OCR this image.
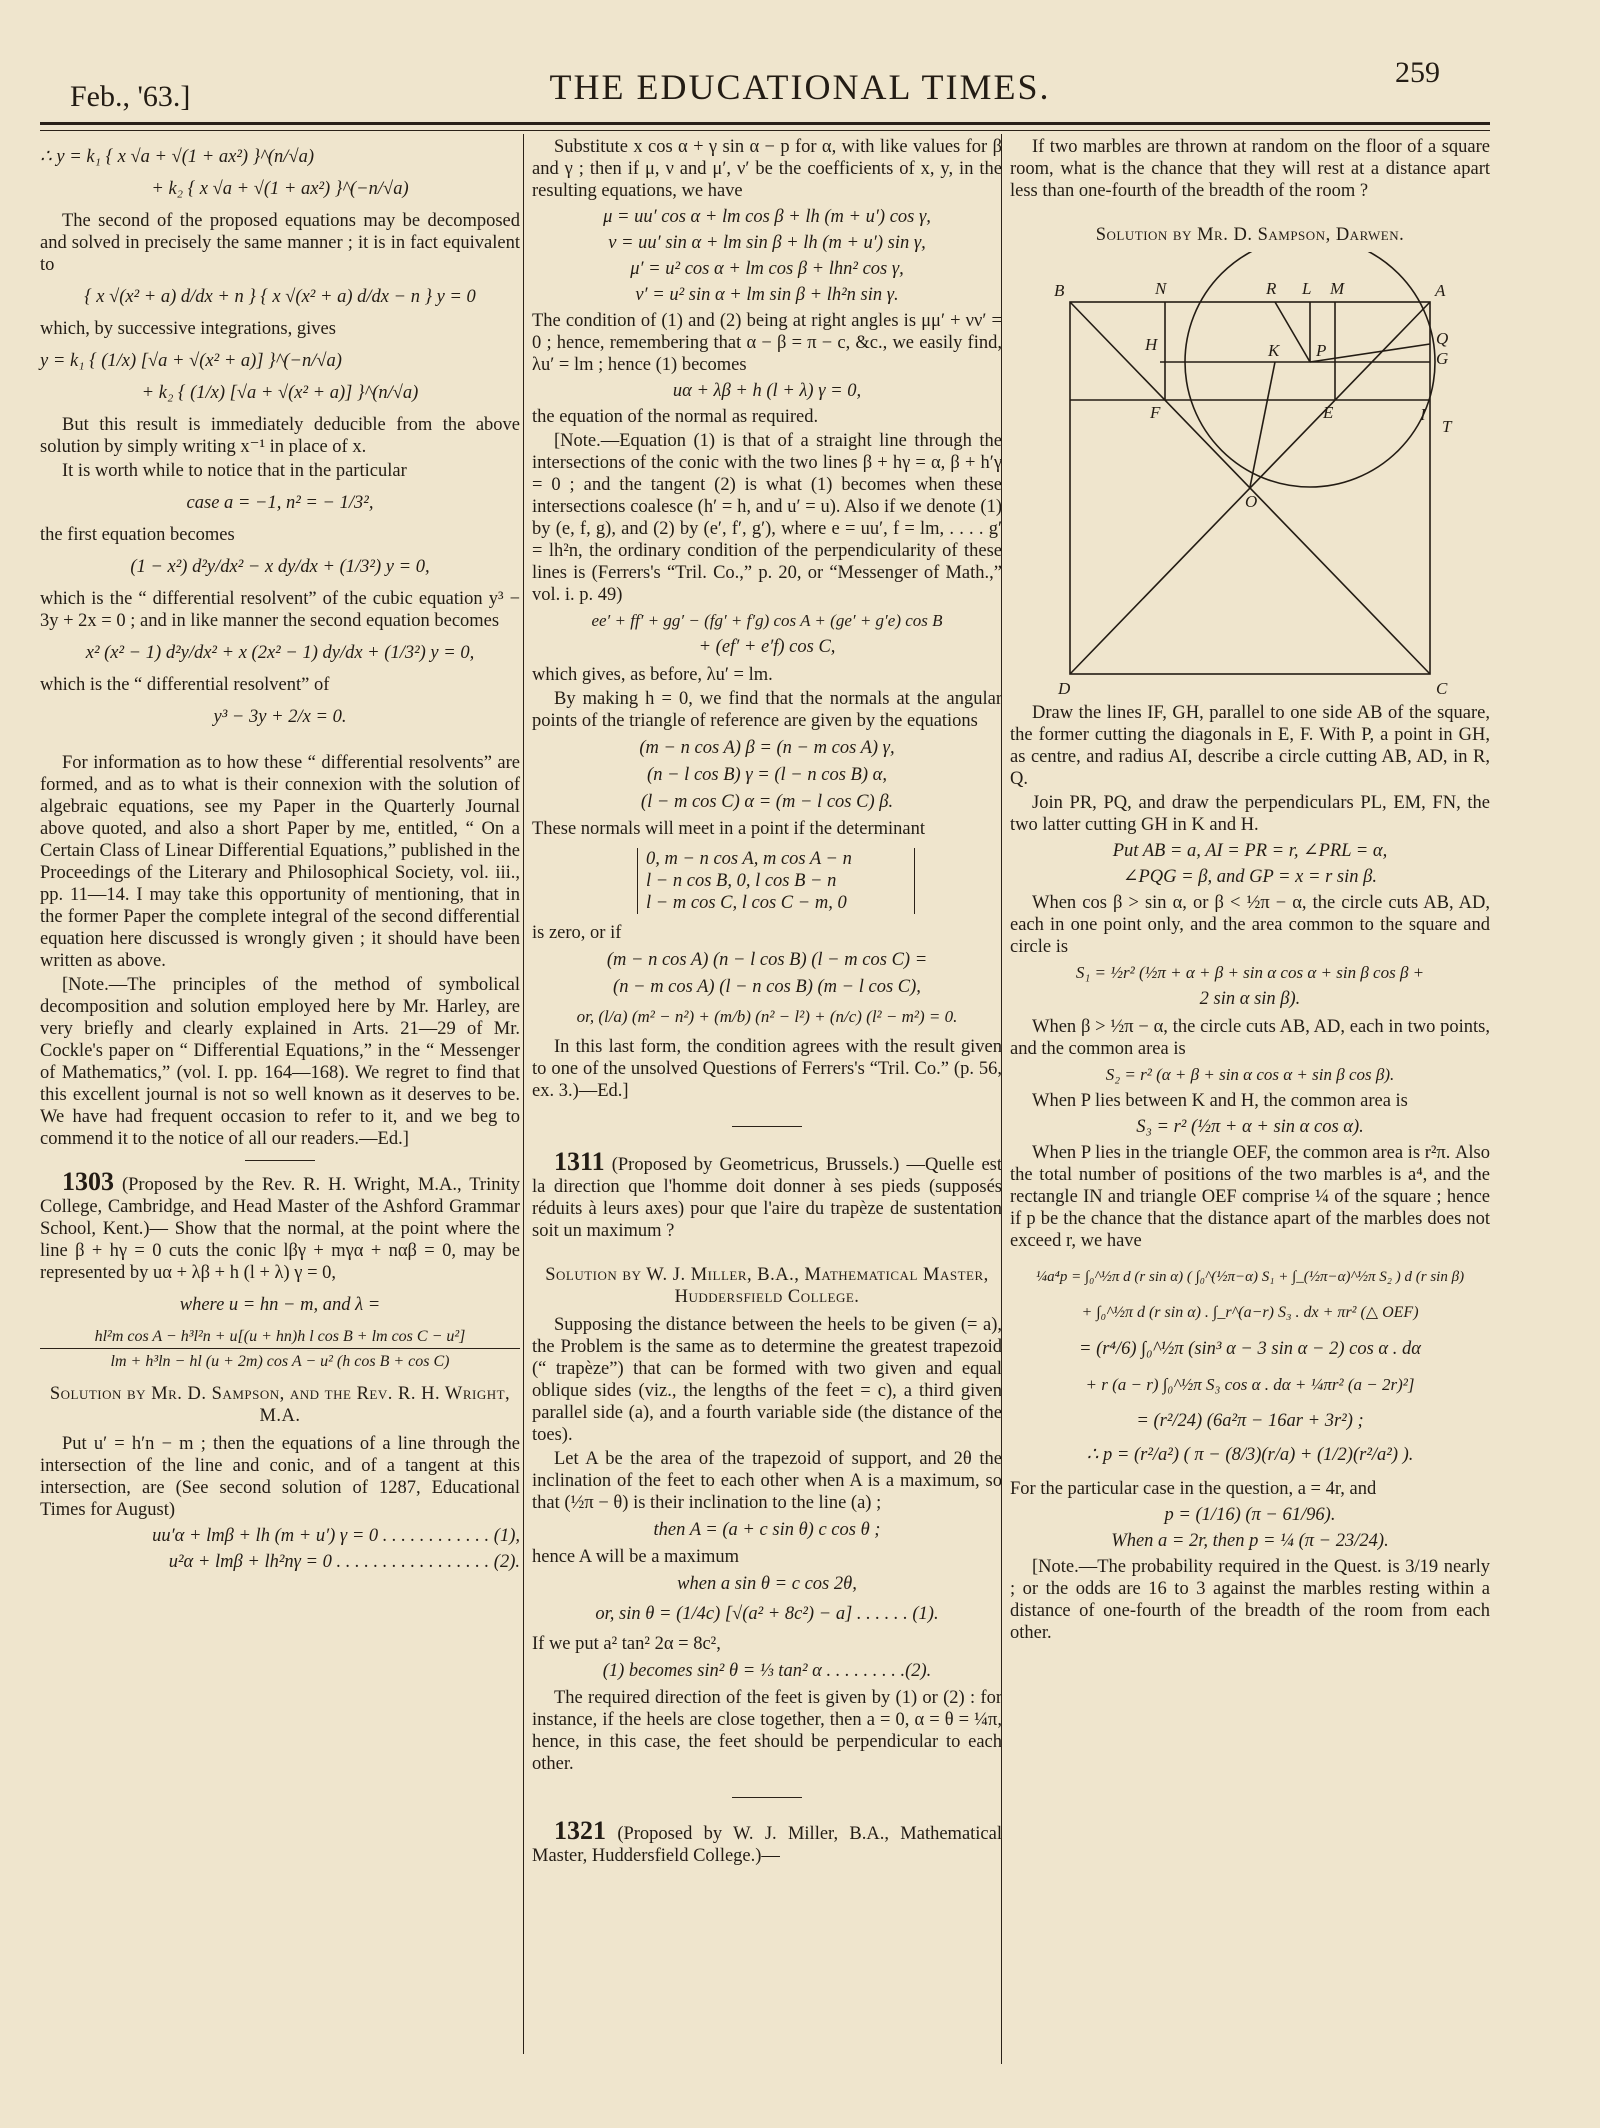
Feb., '63.]	THE EDUCATIONAL TIMES.	259
∴ y = k₁ { x √a + √(1 + ax²) }^(n/√a)
+ k₂ { x √a + √(1 + ax²) }^(−n/√a)

The second of the proposed equations may be decomposed and solved in precisely the same manner ; it is in fact equivalent to

{ x √(x² + a) d/dx + n } { x √(x² + a) d/dx − n } y = 0

which, by successive integrations, gives

y = k₁ { (1/x) [√a + √(x² + a)] }^(−n/√a)
+ k₂ { (1/x) [√a + √(x² + a)] }^(n/√a)

But this result is immediately deducible from the above solution by simply writing x⁻¹ in place of x.

It is worth while to notice that in the particular

case a = −1, n² = − 1/3²,

the first equation becomes

(1 − x²) d²y/dx² − x dy/dx + (1/3²) y = 0,

which is the “ differential resolvent” of the cubic equation y³ − 3y + 2x = 0 ; and in like manner the second equation becomes

x² (x² − 1) d²y/dx² + x (2x² − 1) dy/dx + (1/3²) y = 0,

which is the “ differential resolvent” of

y³ − 3y + 2/x = 0.

For information as to how these “ differential resolvents” are formed, and as to what is their connexion with the solution of algebraic equations, see my Paper in the Quarterly Journal above quoted, and also a short Paper by me, entitled, “ On a Certain Class of Linear Differential Equations,” published in the Proceedings of the Literary and Philosophical Society, vol. iii., pp. 11—14. I may take this opportunity of mentioning, that in the former Paper the complete integral of the second differential equation here discussed is wrongly given ; it should have been written as above.

[Note.—The principles of the method of symbolical decomposition and solution employed here by Mr. Harley, are very briefly and clearly explained in Arts. 21—29 of Mr. Cockle's paper on “ Differential Equations,” in the “ Messenger of Mathematics,” (vol. I. pp. 164—168). We regret to find that this excellent journal is not so well known as it deserves to be. We have had frequent occasion to refer to it, and we beg to commend it to the notice of all our readers.—Ed.]

1303 (Proposed by the Rev. R. H. Wright, M.A., Trinity College, Cambridge, and Head Master of the Ashford Grammar School, Kent.)— Show that the normal, at the point where the line β + hγ = 0 cuts the conic lβγ + mγα + nαβ = 0, may be represented by uα + λβ + h (l + λ) γ = 0,

where u = hn − m, and λ =
hl²m cos A − h³l²n + u[(u + hn)h l cos B + lm cos C − u²]
lm + h³ln − hl (u + 2m) cos A − u² (h cos B + cos C)

Solution by Mr. D. Sampson, and the Rev. R. H. Wright, M.A.

Put u′ = h′n − m ; then the equations of a line through the intersection of the line and conic, and of a tangent at this intersection, are (See second solution of 1287, Educational Times for August)

uu′α + lmβ + lh (m + u′) γ = 0 . . . . . . . . . . . . (1),
u²α + lmβ + lh²nγ = 0 . . . . . . . . . . . . . . . . . (2).

Substitute x cos α + γ sin α − p for α, with like values for β and γ ; then if μ, ν and μ′, ν′ be the coefficients of x, y, in the resulting equations, we have

μ = uu′ cos α + lm cos β + lh (m + u′) cos γ,
ν = uu′ sin α + lm sin β + lh (m + u′) sin γ,
μ′ = u² cos α + lm cos β + lhn² cos γ,
ν′ = u² sin α + lm sin β + lh²n sin γ.

The condition of (1) and (2) being at right angles is μμ′ + νν′ = 0 ; hence, remembering that α − β = π − c, &c., we easily find, λu′ = lm ; hence (1) becomes

uα + λβ + h (l + λ) γ = 0,

the equation of the normal as required.

[Note.—Equation (1) is that of a straight line through the intersections of the conic with the two lines β + hγ = α, β + h′γ = 0 ; and the tangent (2) is what (1) becomes when these intersections coalesce (h′ = h, and u′ = u). Also if we denote (1) by (e, f, g), and (2) by (e′, f′, g′), where e = uu′, f = lm, . . . . g′ = lh²n, the ordinary condition of the perpendicularity of these lines is (Ferrers's “Tril. Co.,” p. 20, or “Messenger of Math.,” vol. i. p. 49)

ee′ + ff′ + gg′ − (fg′ + f′g) cos A + (ge′ + g′e) cos B
+ (ef′ + e′f) cos C,

which gives, as before, λu′ = lm.

By making h = 0, we find that the normals at the angular points of the triangle of reference are given by the equations

(m − n cos A) β = (n − m cos A) γ,
(n − l cos B) γ = (l − n cos B) α,
(l − m cos C) α = (m − l cos C) β.

These normals will meet in a point if the determinant

0, m − n cos A, m cos A − n
l − n cos B, 0, l cos B − n
l − m cos C, l cos C − m, 0

is zero, or if

(m − n cos A) (n − l cos B) (l − m cos C) =
(n − m cos A) (l − n cos B) (m − l cos C),
or, (l/a) (m² − n²) + (m/b) (n² − l²) + (n/c) (l² − m²) = 0.

In this last form, the condition agrees with the result given to one of the unsolved Questions of Ferrers's “Tril. Co.” (p. 56, ex. 3.)—Ed.]

1311 (Proposed by Geometricus, Brussels.) —Quelle est la direction que l'homme doit donner à ses pieds (supposés réduits à leurs axes) pour que l'aire du trapèze de sustentation soit un maximum ?

Solution by W. J. Miller, B.A., Mathematical Master, Huddersfield College.

Supposing the distance between the heels to be given (= a), the Problem is the same as to determine the greatest trapezoid (“ trapèze”) that can be formed with two given and equal oblique sides (viz., the lengths of the feet = c), a third given parallel side (a), and a fourth variable side (the distance of the toes).

Let A be the area of the trapezoid of support, and 2θ the inclination of the feet to each other when A is a maximum, so that (½π − θ) is their inclination to the line (a) ;

then A = (a + c sin θ) c cos θ ;

hence A will be a maximum

when a sin θ = c cos 2θ,
or, sin θ = (1/4c) [√(a² + 8c²) − a] . . . . . . (1).

If we put a² tan² 2α = 8c²,

(1) becomes sin² θ = ⅓ tan² α . . . . . . . . .(2).

The required direction of the feet is given by (1) or (2) : for instance, if the heels are close together, then a = 0, α = θ = ¼π, hence, in this case, the feet should be perpendicular to each other.

1321 (Proposed by W. J. Miller, B.A., Mathematical Master, Huddersfield College.)—

If two marbles are thrown at random on the floor of a square room, what is the chance that they will rest at a distance apart less than one-fourth of the breadth of the room ?

Solution by Mr. D. Sampson, Darwen.

B	N	R L M	A
H	K P	G
F	E	I
Q
T
O
D	C

Draw the lines IF, GH, parallel to one side AB of the square, the former cutting the diagonals in E, F. With P, a point in GH, as centre, and radius AI, describe a circle cutting AB, AD, in R, Q.

Join PR, PQ, and draw the perpendiculars PL, EM, FN, the two latter cutting GH in K and H.

Put AB = a, AI = PR = r, ∠PRL = α,
∠PQG = β, and GP = x = r sin β.

When cos β > sin α, or β < ½π − α, the circle cuts AB, AD, each in one point only, and the area common to the square and circle is

S₁ = ½r² (½π + α + β + sin α cos α + sin β cos β +
2 sin α sin β).

When β > ½π − α, the circle cuts AB, AD, each in two points, and the common area is

S₂ = r² (α + β + sin α cos α + sin β cos β).

When P lies between K and H, the common area is

S₃ = r² (½π + α + sin α cos α).

When P lies in the triangle OEF, the common area is r²π. Also the total number of positions of the two marbles is a⁴, and the rectangle IN and triangle OEF comprise ¼ of the square ; hence if p be the chance that the distance apart of the marbles does not exceed r, we have

¼a⁴p = ∫₀^½π d (r sin α) ( ∫₀^(½π−α) S₁ + ∫_(½π−α)^½π S₂ ) d (r sin β)
+ ∫₀^½π d (r sin α) . ∫_r^(a−r) S₃ . dx + πr² (△ OEF)
= (r⁴/6) ∫₀^½π (sin³ α − 3 sin α − 2) cos α . dα
+ r (a − r) ∫₀^½π S₃ cos α . dα + ¼πr² (a − 2r)²]
= (r²/24) (6a²π − 16ar + 3r²) ;
∴ p = (r²/a²) ( π − (8/3)(r/a) + (1/2)(r²/a²) ).

For the particular case in the question, a = 4r, and

p = (1/16) (π − 61/96).
When a = 2r, then p = ¼ (π − 23/24).

[Note.—The probability required in the Quest. is 3/19 nearly ; or the odds are 16 to 3 against the marbles resting within a distance of one-fourth of the breadth of the room from each other.
